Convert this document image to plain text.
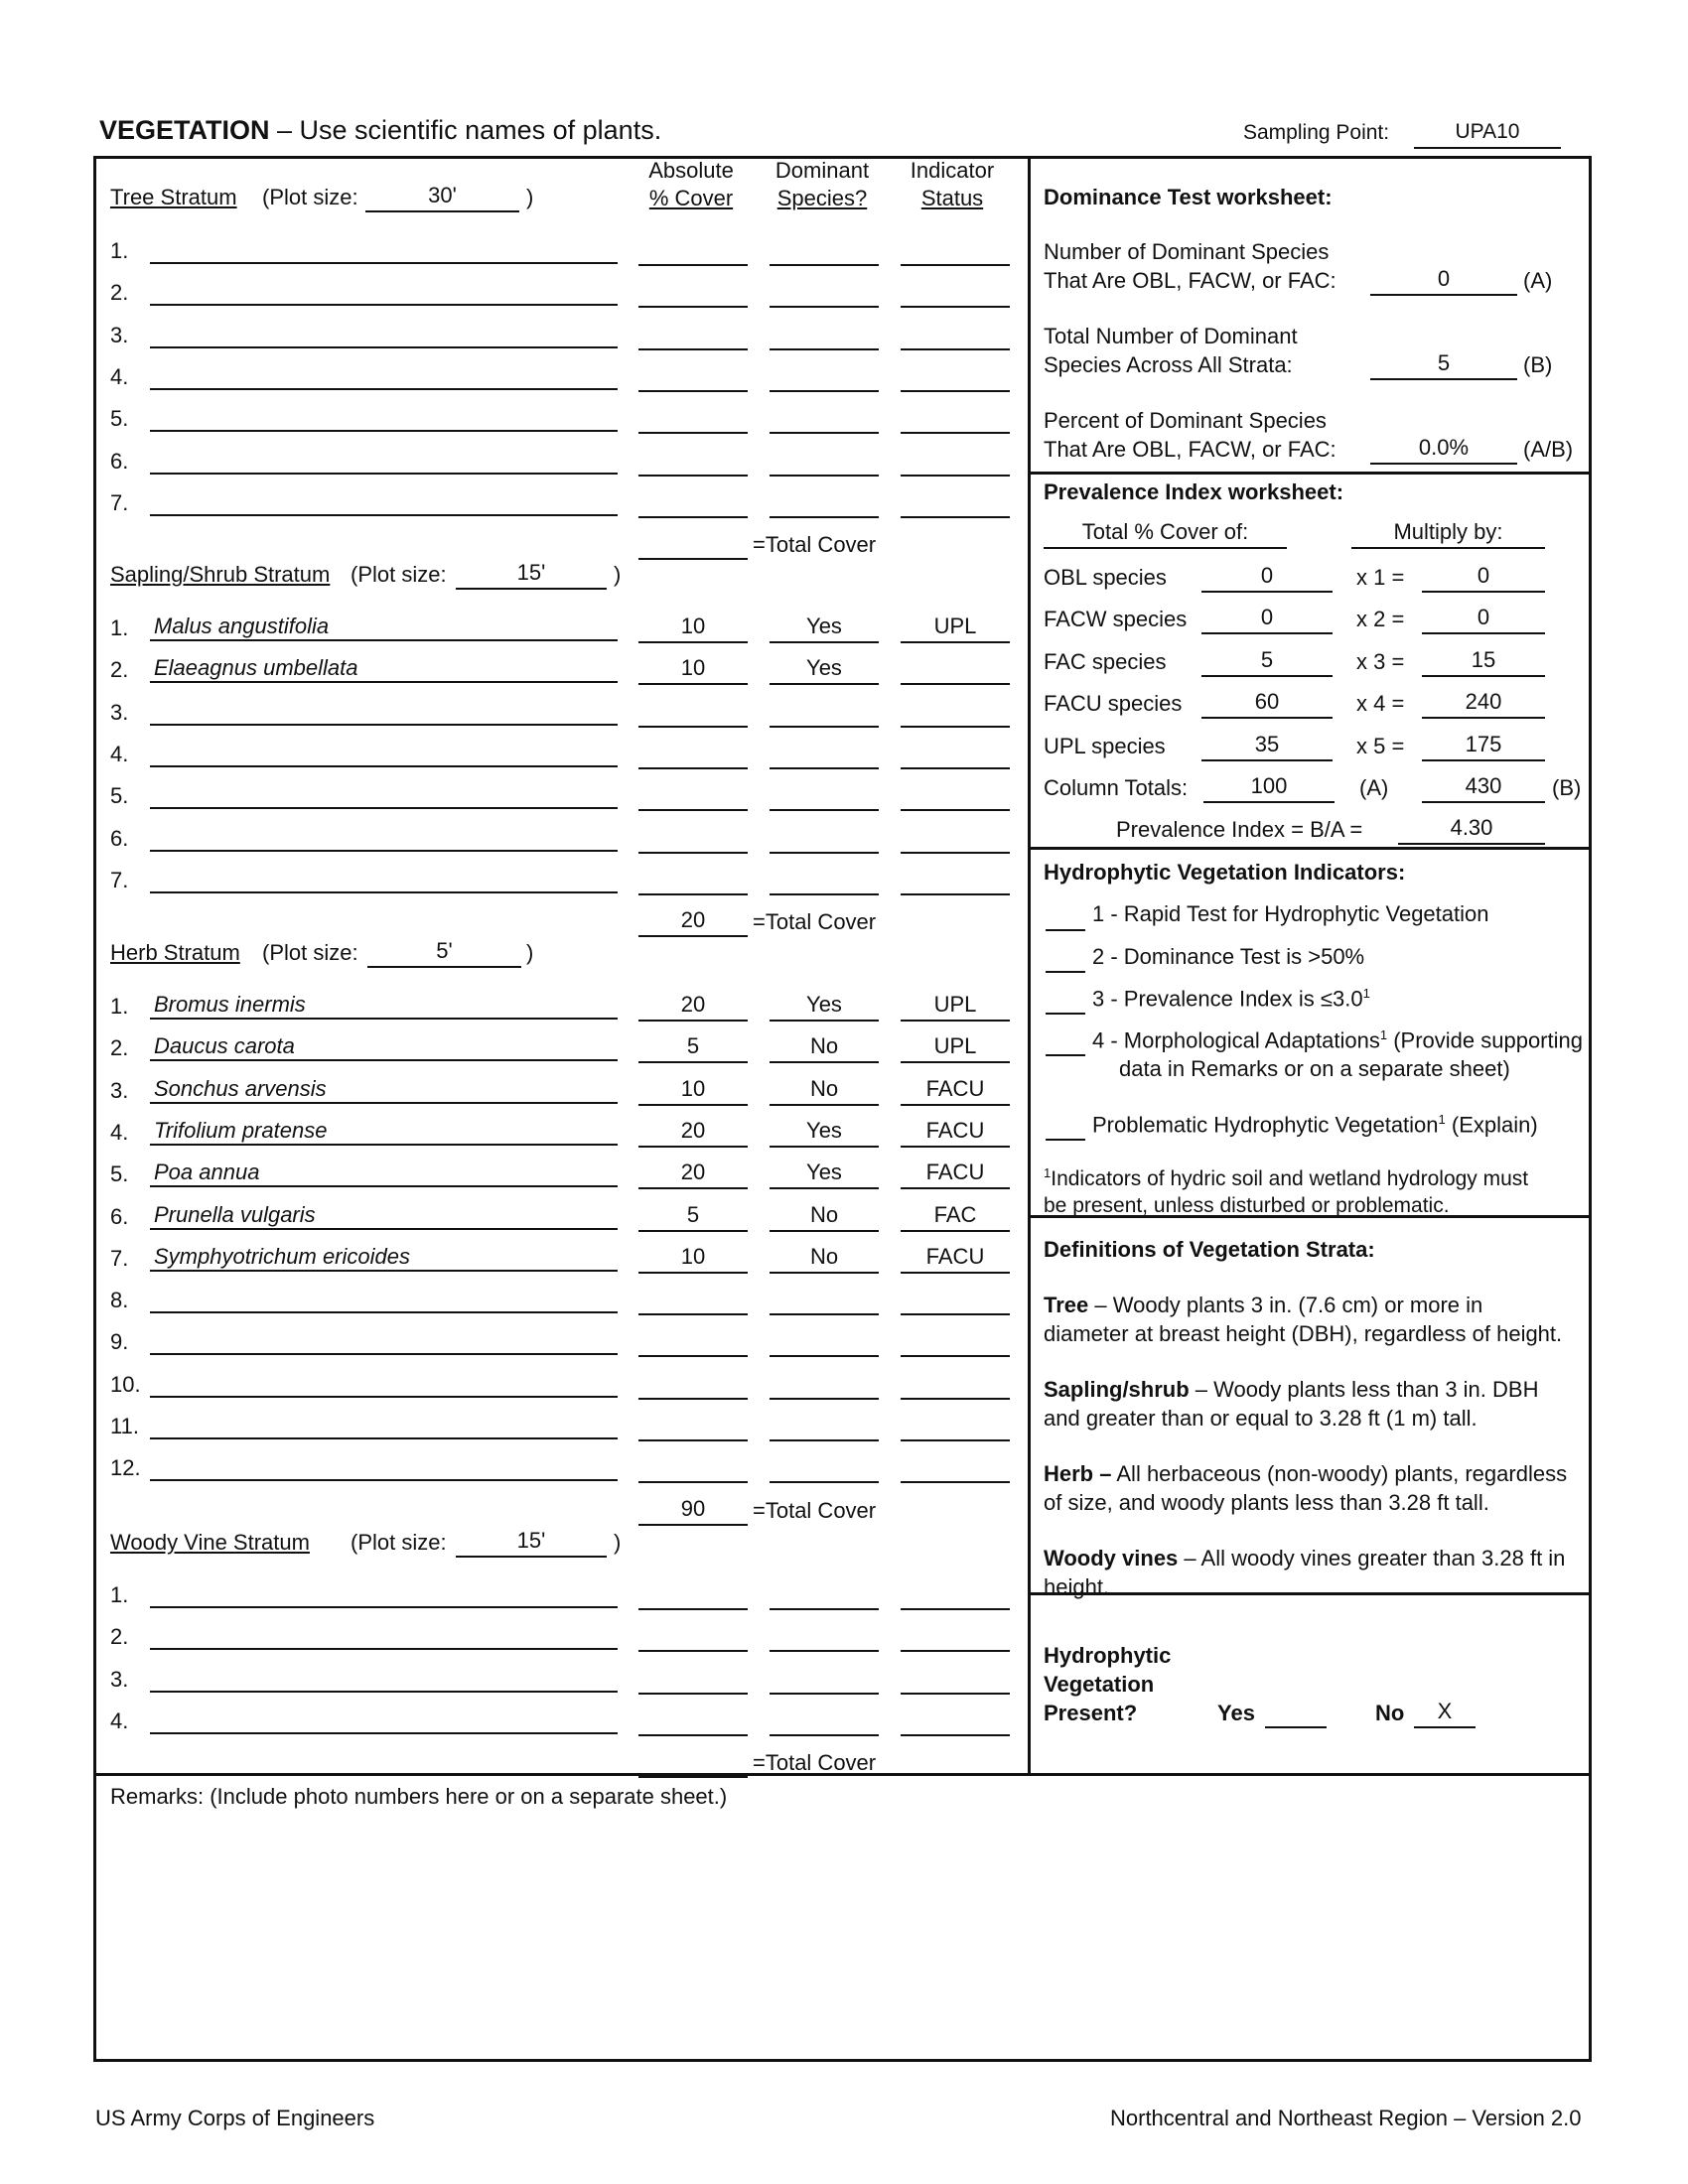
VEGETATION – Use scientific names of plants.	Sampling Point:	UPA10
Absolute
% Cover
Dominant
Species?
Indicator
Status
Tree Stratum (Plot size:	30'	)
1.
2.
3.
4.
5.
6.
7.
=Total Cover
Sapling/Shrub Stratum (Plot size:	15'	)
1. Malus angustifolia	10	Yes	UPL
2. Elaeagnus umbellata	10	Yes
3.
4.
5.
6.
7.
20	=Total Cover
Herb Stratum (Plot size:	5'	)
1. Bromus inermis	20	Yes	UPL
2. Daucus carota	5	No	UPL
3. Sonchus arvensis	10	No	FACU
4. Trifolium pratense	20	Yes	FACU
5. Poa annua	20	Yes	FACU
6. Prunella vulgaris	5	No	FAC
7. Symphyotrichum ericoides	10	No	FACU
8.
9.
10.
11.
12.
90	=Total Cover
Woody Vine Stratum (Plot size:	15'	)
1.
2.
3.
4.
=Total Cover
Dominance Test worksheet:
Number of Dominant Species
That Are OBL, FACW, or FAC:	0	(A)
Total Number of Dominant
Species Across All Strata:	5	(B)
Percent of Dominant Species
That Are OBL, FACW, or FAC:	0.0%	(A/B)
Prevalence Index worksheet:
Total % Cover of:	Multiply by:
OBL species	0	x 1 =	0
FACW species	0	x 2 =	0
FAC species	5	x 3 =	15
FACU species	60	x 4 =	240
UPL species	35	x 5 =	175
Column Totals:	100	(A)	430	(B)
Prevalence Index = B/A =	4.30
Hydrophytic Vegetation Indicators:
1 - Rapid Test for Hydrophytic Vegetation
2 - Dominance Test is >50%
3 - Prevalence Index is $\le 3.0^1$
4 - Morphological Adaptations$^1$ (Provide supporting
data in Remarks or on a separate sheet)
Problematic Hydrophytic Vegetation$^1$ (Explain)
$^1$Indicators of hydric soil and wetland hydrology must
be present, unless disturbed or problematic.
Definitions of Vegetation Strata:
Tree – Woody plants 3 in. (7.6 cm) or more in
diameter at breast height (DBH), regardless of height.
Sapling/shrub – Woody plants less than 3 in. DBH
and greater than or equal to 3.28 ft (1 m) tall.
Herb – All herbaceous (non-woody) plants, regardless
of size, and woody plants less than 3.28 ft tall.
Woody vines – All woody vines greater than 3.28 ft in
height.
Hydrophytic
Vegetation
Present?	Yes	No	X
Remarks: (Include photo numbers here or on a separate sheet.)
US Army Corps of Engineers	Northcentral and Northeast Region – Version 2.0
